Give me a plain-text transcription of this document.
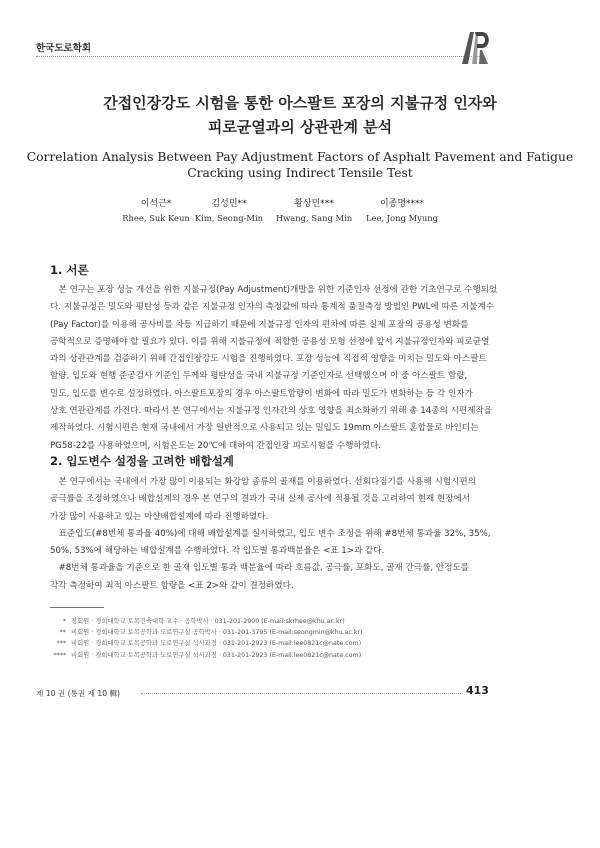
한국도로학회
간접인장강도 시험을 통한 아스팔트 포장의 지불규정 인자와
피로균열과의 상관관계 분석
Correlation Analysis Between Pay Adjustment Factors of Asphalt Pavement and Fatigue
Cracking using Indirect Tensile Test
이석근*
Rhee, Suk Keun
김성민**
Kim, Seong-Min
황상민***
Hwang, Sang Min
이종명****
Lee, Jong Myung
1. 서론
　본 연구는 포장 성능 개선을 위한 지불규정(Pay Adjustment)개발을 위한 기준인자 선정에 관한 기초연구로 수행되었
다. 지불규정은 밀도와 평탄성 등과 같은 지불규정 인자의 측정값에 따라 통계적 품질측정 방법인 PWL에 따른 지불계수
(Pay Factor)를 이용해 공사비를 차등 지급하기 때문에 지불규정 인자의 편차에 따른 실제 포장의 공용성 변화를
공학적으로 증명해야 할 필요가 있다. 이를 위해 지불규정에 적합한 공용성 모형 선정에 앞서 지불규정인자와 피로균열
과의 상관관계를 검증하기 위해 간접인장강도 시험을 진행하였다. 포장 성능에 직접적 영향을 미치는 밀도와 아스팔트
함량, 입도와 현행 준공검사 기준인 두께와 평탄성을 국내 지불규정 기준인자로 선택했으며 이 중 아스팔트 함량,
밀도, 입도를 변수로 설정하였다. 아스팔트포장의 경우 아스팔트함량이 변화에 따라 밀도가 변화하는 등 각 인자가
상호 연관관계를 가진다. 따라서 본 연구에서는 지불규정 인자간의 상호 영향을 최소화하기 위해 총 14종의 시편제작을
제작하였다. 시험시편은 현재 국내에서 가장 일반적으로 사용되고 있는 밀입도 19mm 아스팔트 혼합물로 바인더는
PG58-22를 사용하였으며, 시험온도는 20℃에 대하여 간접인장 피로시험을 수행하였다.
2. 입도변수 설정을 고려한 배합설계
　본 연구에서는 국내에서 가장 많이 이용되는 화강암 종류의 골재를 이용하였다. 선회다짐기를 사용해 시험시편의
공극률을 조정하였으나 배합설계의 경우 본 연구의 결과가 국내 실제 공사에 적용될 것을 고려하여 현재 현장에서
가장 많이 사용하고 있는 마샬배합설계에 따라 진행하였다.
　표준입도(#8번체 통과율 40%)에 대해 배합설계를 실시하였고, 입도 변수 조정을 위해 #8번체 통과율 32%, 35%,
50%, 53%에 해당하는 배합설계를 수행하였다. 각 입도별 통과백분율은 <표 1>과 같다.
　#8번체 통과율을 기준으로 한 골재 입도별 통과 백분율에 따라 흐름값, 공극률, 포화도, 골재 간극률, 안정도를
각각 측정하여 최적 아스팔트 함량을 <표 2>와 같이 결정하였다.
* 정회원 · 경희대학교 토목건축대학 교수 · 공학박사 · 031-201-2900 (E-mail:skrhee@khu.ac.kr)
** 비회원 · 경희대학교 토목공학과 도로연구실 공학박사 · 031-201-3795 (E-mail:seongmin@khu.ac.kr)
*** 비회원 · 경희대학교 토목공학과 도로연구실 석사과정 · 031-201-2923 (E-mail:lee0821c@nate.com)
**** 비회원 · 경희대학교 토목공학과 도로연구실 석사과정 · 031-201-2923 (E-mail:lee0821c@nate.com)
제 10 권 (통권 제 10 輯)	413
